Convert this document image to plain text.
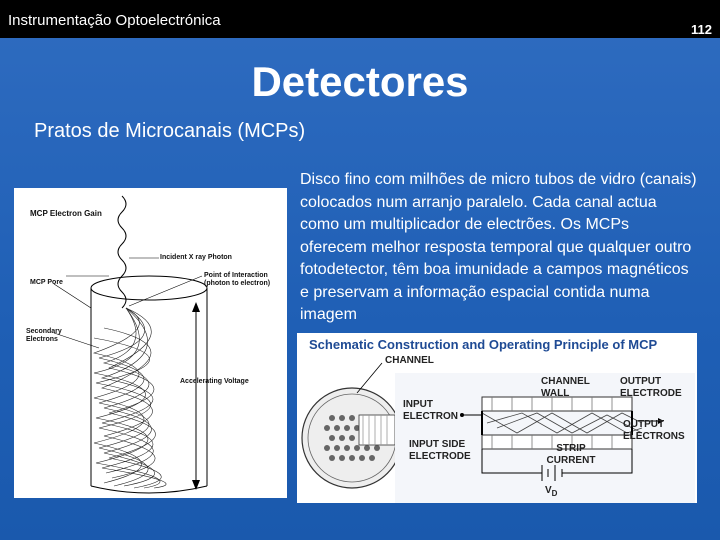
Instrumentação Optoelectrónica
112
Detectores
Pratos de Microcanais (MCPs)
Disco fino com milhões de micro tubos de vidro (canais) colocados num arranjo paralelo. Cada canal actua como um multiplicador de electrões. Os MCPs oferecem melhor resposta temporal que qualquer outro fotodetector, têm boa imunidade a campos magnéticos e preservam a informação espacial contida numa imagem
MCP Electron Gain
Incident X ray Photon
Point of Interaction (photon to electron)
MCP Pore
Secondary Electrons
Accelerating Voltage
Schematic Construction and Operating Principle of MCP
CHANNEL
INPUT ELECTRON
CHANNEL WALL
OUTPUT ELECTRODE
OUTPUT ELECTRONS
INPUT SIDE ELECTRODE
STRIP CURRENT
$V_D$
